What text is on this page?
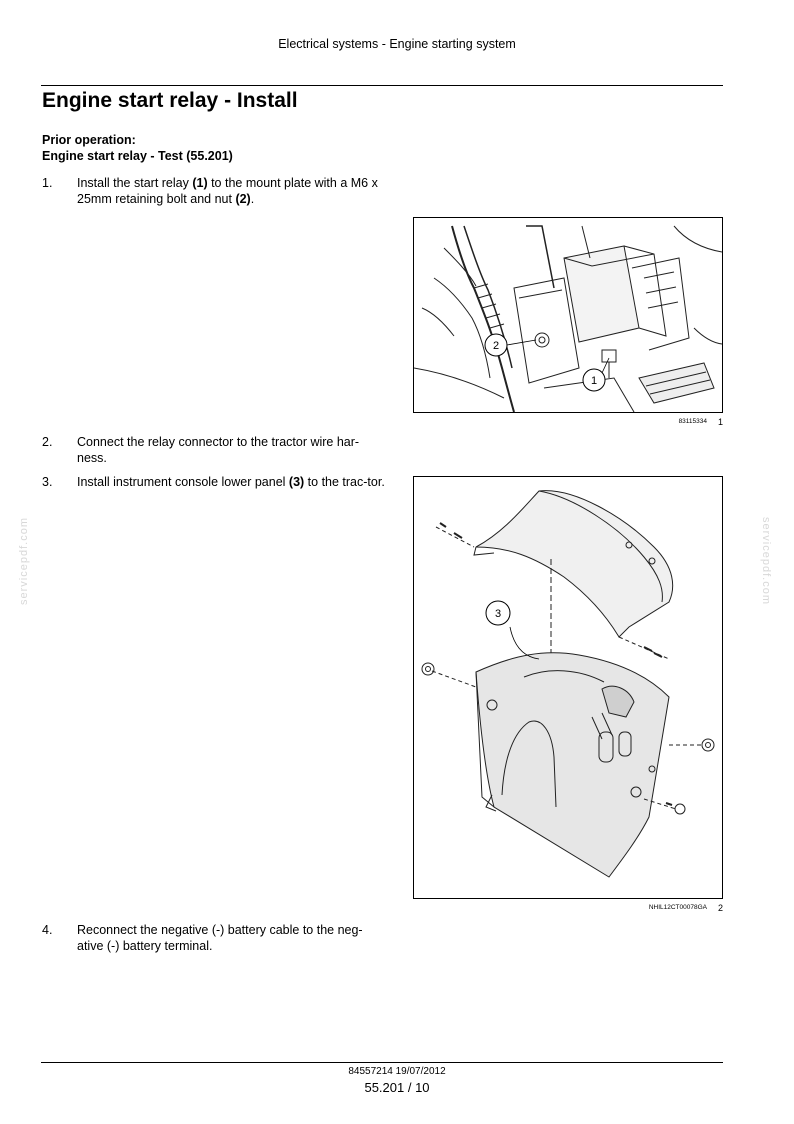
Electrical systems - Engine starting system
Engine start relay - Install
Prior operation:
Engine start relay - Test (55.201)
1. Install the start relay (1) to the mount plate with a M6 x 25mm retaining bolt and nut (2).
2. Connect the relay connector to the tractor wire har-ness.
3. Install instrument console lower panel (3) to the trac-tor.
4. Reconnect the negative (-) battery cable to the neg-ative (-) battery terminal.
2
1
83115334 1
3
NHIL12CT00078GA 2
servicepdf.com	servicepdf.com
84557214 19/07/2012
55.201 / 10
